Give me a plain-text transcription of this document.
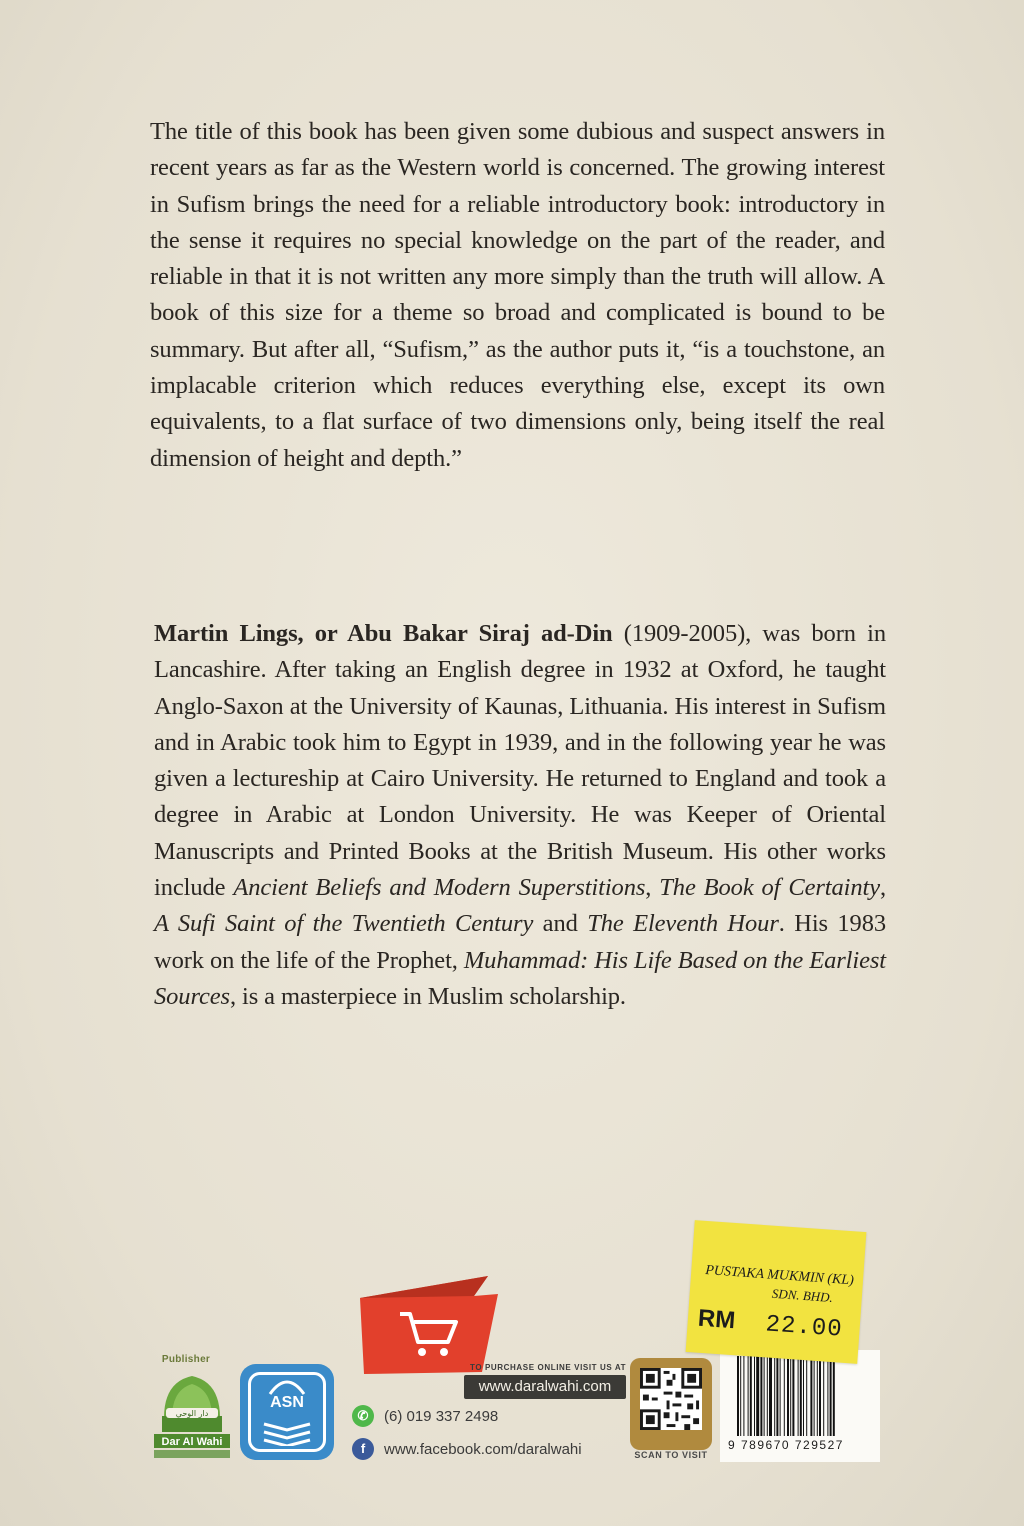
The title of this book has been given some dubious and suspect answers in recent years as far as the Western world is concerned. The growing interest in Sufism brings the need for a reliable introductory book: introductory in the sense it requires no special knowledge on the part of the reader, and reliable in that it is not written any more simply than the truth will allow. A book of this size for a theme so broad and complicated is bound to be summary. But after all, “Sufism,” as the author puts it, “is a touchstone, an implacable criterion which reduces everything else, except its own equivalents, to a flat surface of two dimensions only, being itself the real dimension of height and depth.”

Martin Lings, or Abu Bakar Siraj ad-Din (1909-2005), was born in Lancashire. After taking an English degree in 1932 at Oxford, he taught Anglo-Saxon at the University of Kaunas, Lithuania. His interest in Sufism and in Arabic took him to Egypt in 1939, and in the following year he was given a lectureship at Cairo University. He returned to England and took a degree in Arabic at London University. He was Keeper of Oriental Manuscripts and Printed Books at the British Museum. His other works include Ancient Beliefs and Modern Superstitions, The Book of Certainty, A Sufi Saint of the Twentieth Century and The Eleventh Hour. His 1983 work on the life of the Prophet, Muhammad: His Life Based on the Earliest Sources, is a masterpiece in Muslim scholarship.

Publisher
دار الوحي
Dar Al Wahi
ASN
TO PURCHASE ONLINE VISIT US AT
www.daralwahi.com
✆	(6) 019 337 2498
f	www.facebook.com/daralwahi	SCAN TO VISIT
9 789670 729527
PUSTAKA MUKMIN (KL)
SDN. BHD.
RM 22.00
